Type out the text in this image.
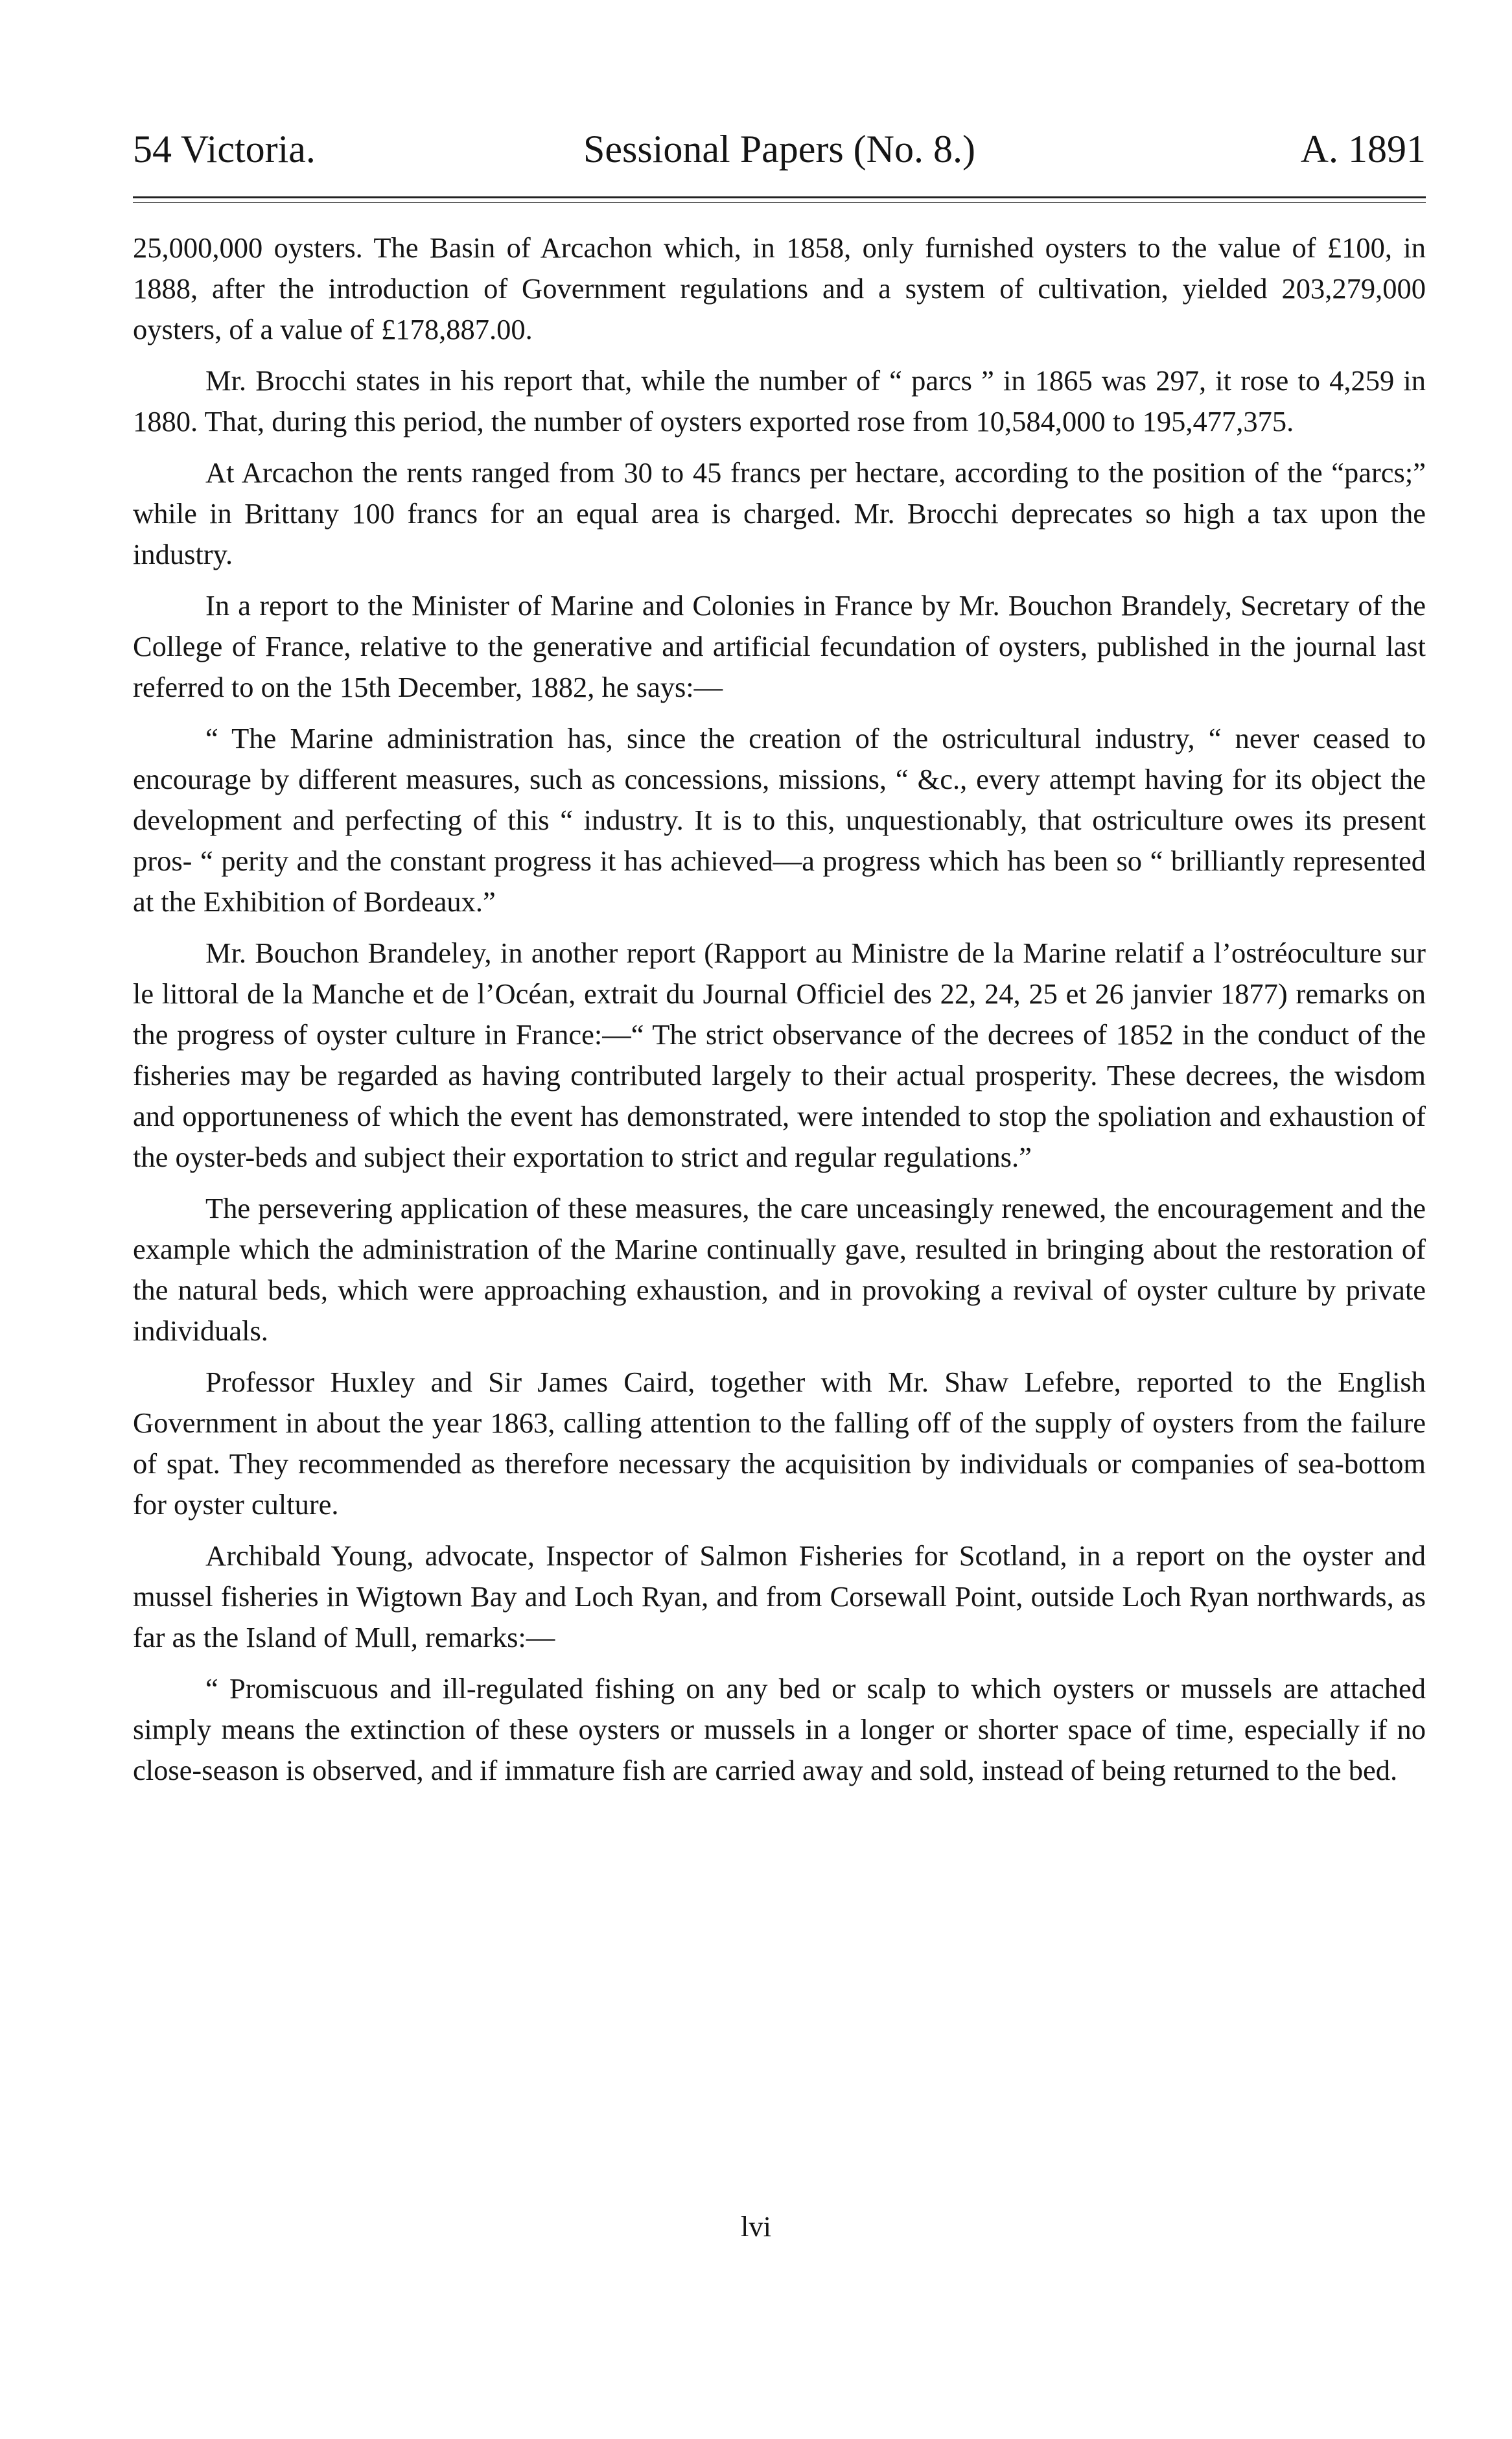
54 Victoria.	Sessional Papers (No. 8.)	A. 1891

25,000,000 oysters. The Basin of Arcachon which, in 1858, only furnished oysters to the value of £100, in 1888, after the introduction of Government regulations and a system of cultivation, yielded 203,279,000 oysters, of a value of £178,887.00.

Mr. Brocchi states in his report that, while the number of “ parcs ” in 1865 was 297, it rose to 4,259 in 1880. That, during this period, the number of oysters exported rose from 10,584,000 to 195,477,375.

At Arcachon the rents ranged from 30 to 45 francs per hectare, according to the position of the “parcs;” while in Brittany 100 francs for an equal area is charged. Mr. Brocchi deprecates so high a tax upon the industry.

In a report to the Minister of Marine and Colonies in France by Mr. Bouchon Brandely, Secretary of the College of France, relative to the generative and artificial fecundation of oysters, published in the journal last referred to on the 15th December, 1882, he says:—

“ The Marine administration has, since the creation of the ostricultural industry, “ never ceased to encourage by different measures, such as concessions, missions, “ &c., every attempt having for its object the development and perfecting of this “ industry. It is to this, unquestionably, that ostriculture owes its present pros- “ perity and the constant progress it has achieved—a progress which has been so “ brilliantly represented at the Exhibition of Bordeaux.”

Mr. Bouchon Brandeley, in another report (Rapport au Ministre de la Marine relatif a l’ostréoculture sur le littoral de la Manche et de l’Océan, extrait du Journal Officiel des 22, 24, 25 et 26 janvier 1877) remarks on the progress of oyster culture in France:—“ The strict observance of the decrees of 1852 in the conduct of the fisheries may be regarded as having contributed largely to their actual prosperity. These decrees, the wisdom and opportuneness of which the event has demonstrated, were intended to stop the spoliation and exhaustion of the oyster-beds and subject their exportation to strict and regular regulations.”

The persevering application of these measures, the care unceasingly renewed, the encouragement and the example which the administration of the Marine continually gave, resulted in bringing about the restoration of the natural beds, which were approaching exhaustion, and in provoking a revival of oyster culture by private individuals.

Professor Huxley and Sir James Caird, together with Mr. Shaw Lefebre, reported to the English Government in about the year 1863, calling attention to the falling off of the supply of oysters from the failure of spat. They recommended as therefore necessary the acquisition by individuals or companies of sea-bottom for oyster culture.

Archibald Young, advocate, Inspector of Salmon Fisheries for Scotland, in a report on the oyster and mussel fisheries in Wigtown Bay and Loch Ryan, and from Corsewall Point, outside Loch Ryan northwards, as far as the Island of Mull, remarks:—

“ Promiscuous and ill-regulated fishing on any bed or scalp to which oysters or mussels are attached simply means the extinction of these oysters or mussels in a longer or shorter space of time, especially if no close-season is observed, and if immature fish are carried away and sold, instead of being returned to the bed.

lvi
